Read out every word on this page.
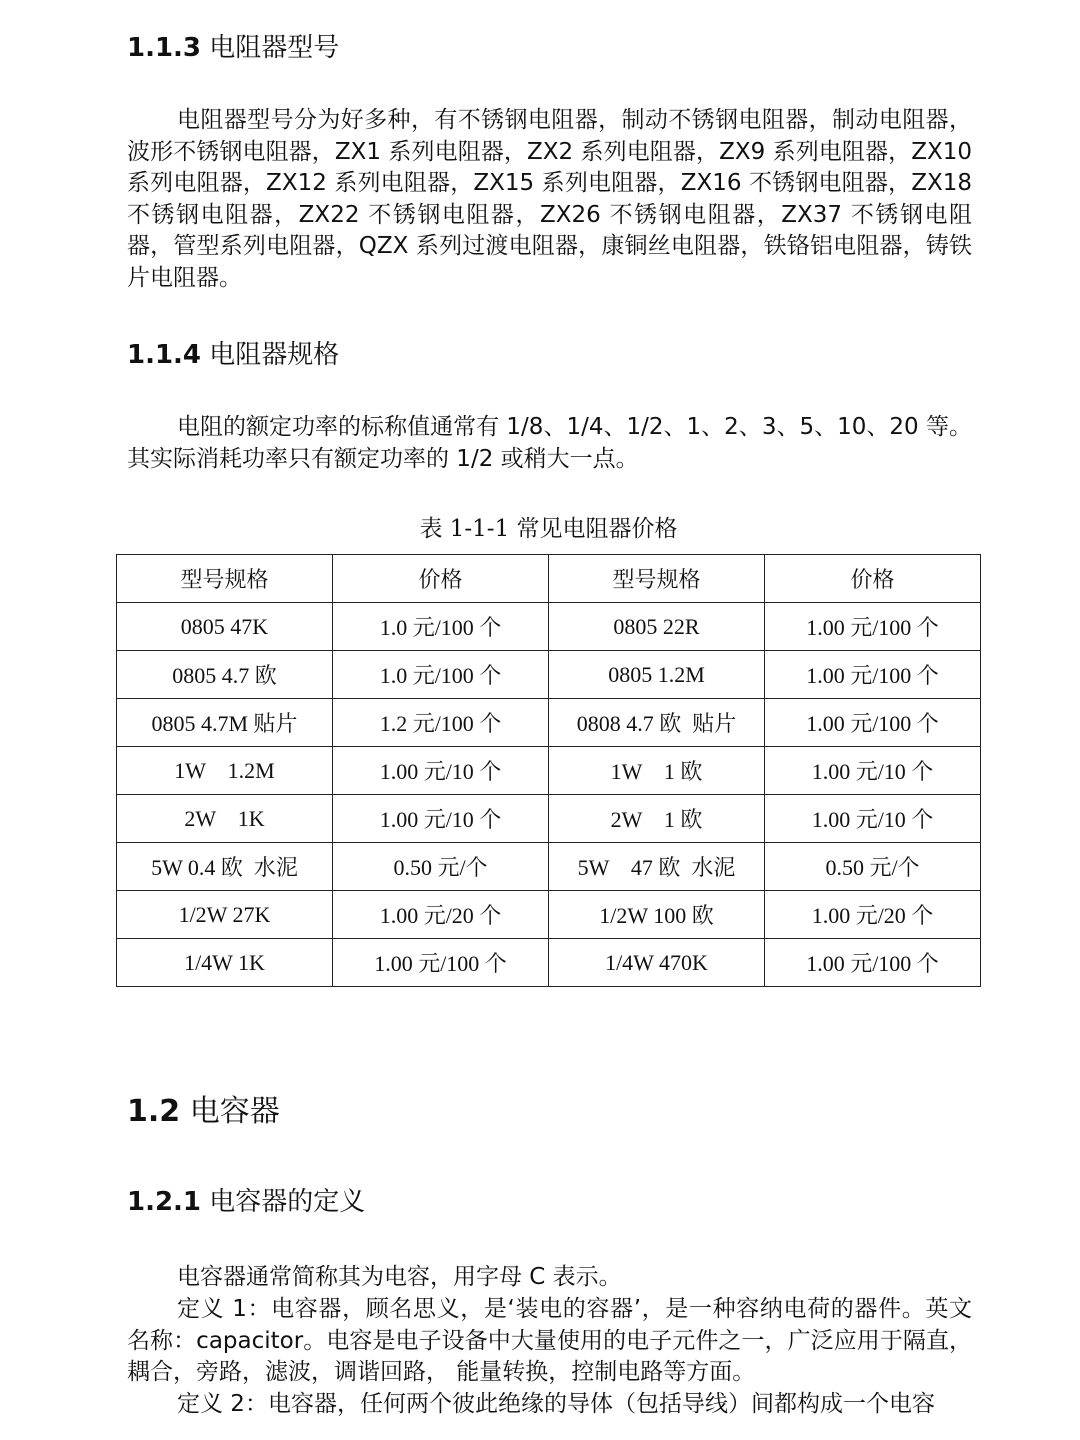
1.1.3 电阻器型号

电阻器型号分为好多种，有不锈钢电阻器，制动不锈钢电阻器，制动电阻器，波形不锈钢电阻器，ZX1 系列电阻器，ZX2 系列电阻器，ZX9 系列电阻器，ZX10 系列电阻器，ZX12 系列电阻器，ZX15 系列电阻器，ZX16 不锈钢电阻器，ZX18 不锈钢电阻器，ZX22 不锈钢电阻器，ZX26 不锈钢电阻器，ZX37 不锈钢电阻器，管型系列电阻器，QZX 系列过渡电阻器，康铜丝电阻器，铁铬铝电阻器，铸铁片电阻器。

1.1.4 电阻器规格

电阻的额定功率的标称值通常有 1/8、1/4、1/2、1、2、3、5、10、20 等。其实际消耗功率只有额定功率的 1/2 或稍大一点。

表 1-1-1 常见电阻器价格
型号规格	价格	型号规格	价格
0805 47K	1.0 元/100 个	0805 22R	1.00 元/100 个
0805 4.7 欧	1.0 元/100 个	0805 1.2M	1.00 元/100 个
0805 4.7M 贴片	1.2 元/100 个	0808 4.7 欧  贴片	1.00 元/100 个
1W    1.2M	1.00 元/10 个	1W    1 欧	1.00 元/10 个
2W    1K	1.00 元/10 个	2W    1 欧	1.00 元/10 个
5W 0.4 欧  水泥	0.50 元/个	5W    47 欧  水泥	0.50 元/个
1/2W 27K	1.00 元/20 个	1/2W 100 欧	1.00 元/20 个
1/4W 1K	1.00 元/100 个	1/4W 470K	1.00 元/100 个
1.2 电容器
1.2.1 电容器的定义

电容器通常简称其为电容，用字母 C 表示。

定义 1：电容器，顾名思义，是‘装电的容器’，是一种容纳电荷的器件。英文名称：capacitor。电容是电子设备中大量使用的电子元件之一，广泛应用于隔直，耦合，旁路，滤波，调谐回路， 能量转换，控制电路等方面。

定义 2：电容器，任何两个彼此绝缘的导体（包括导线）间都构成一个电容
